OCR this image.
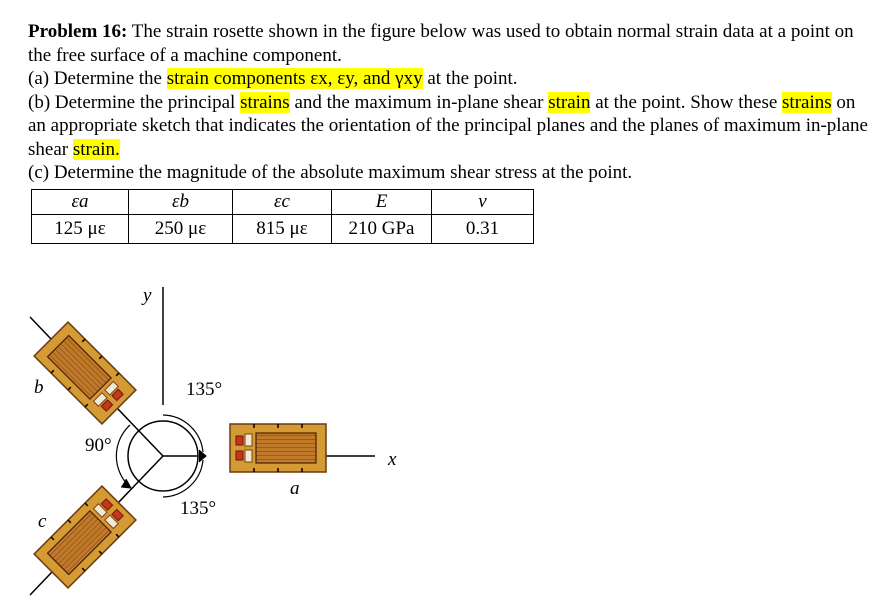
Problem 16: The strain rosette shown in the figure below was used to obtain normal strain data at a point on the free surface of a machine component.

(a) Determine the strain components εx, εy, and γxy at the point.

(b) Determine the principal strains and the maximum in-plane shear strain at the point. Show these strains on an appropriate sketch that indicates the orientation of the principal planes and the planes of maximum in-plane shear strain.

(c) Determine the magnitude of the absolute maximum shear stress at the point.

εa	εb	εc	E	ν
125 με	250 με	815 με	210 GPa	0.31
y
x
135°
90°
135°
a
b
c
